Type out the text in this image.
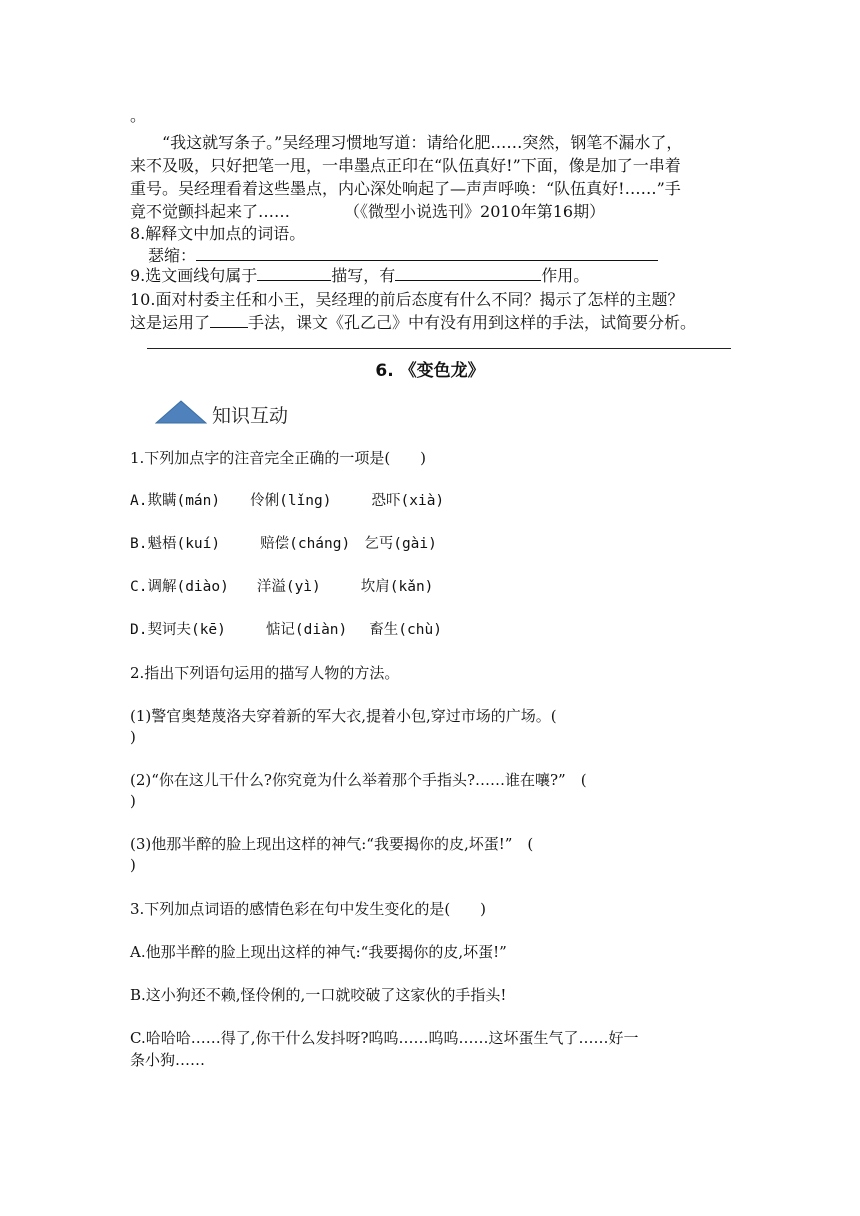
。
“我这就写条子。”吴经理习惯地写道：请给化肥……突然，钢笔不漏水了，
来不及吸，只好把笔一甩，一串墨点正印在“队伍真好!”下面，像是加了一串着
重号。吴经理看着这些墨点，内心深处响起了—声声呼唤：“队伍真好!……”手
竟不觉颤抖起来了……	（《微型小说选刊》2010年第16期）
8.解释文中加点的词语。
瑟缩：
9.选文画线句属于	描写，有	作用。
10.面对村委主任和小王，吴经理的前后态度有什么不同？揭示了怎样的主题？
这是运用了 手法，课文《孔乙己》中有没有用到这样的手法，试简要分析。
6. 《变色龙》
知识互动
1.下列加点字的注音完全正确的一项是(　　)
A.欺瞒(mán) 伶俐(lǐng)	恐吓(xià)
B.魁梧(kuí)	赔偿(cháng) 乞丐(gài)
C.调解(diào) 洋溢(yì)	坎肩(kǎn)
D.契诃夫(kē)	惦记(diàn) 畜生(chù)
2.指出下列语句运用的描写人物的方法。
(1)警官奥楚蔑洛夫穿着新的军大衣,提着小包,穿过市场的广场。(
)
(2)“你在这儿干什么?你究竟为什么举着那个手指头?……谁在嚷?”　(
)
(3)他那半醉的脸上现出这样的神气:“我要揭你的皮,坏蛋!”　(
)
3.下列加点词语的感情色彩在句中发生变化的是(　　)
A.他那半醉的脸上现出这样的神气:“我要揭你的皮,坏蛋!”
B.这小狗还不赖,怪伶俐的,一口就咬破了这家伙的手指头!
C.哈哈哈……得了,你干什么发抖呀?呜呜……呜呜……这坏蛋生气了……好一
条小狗……
